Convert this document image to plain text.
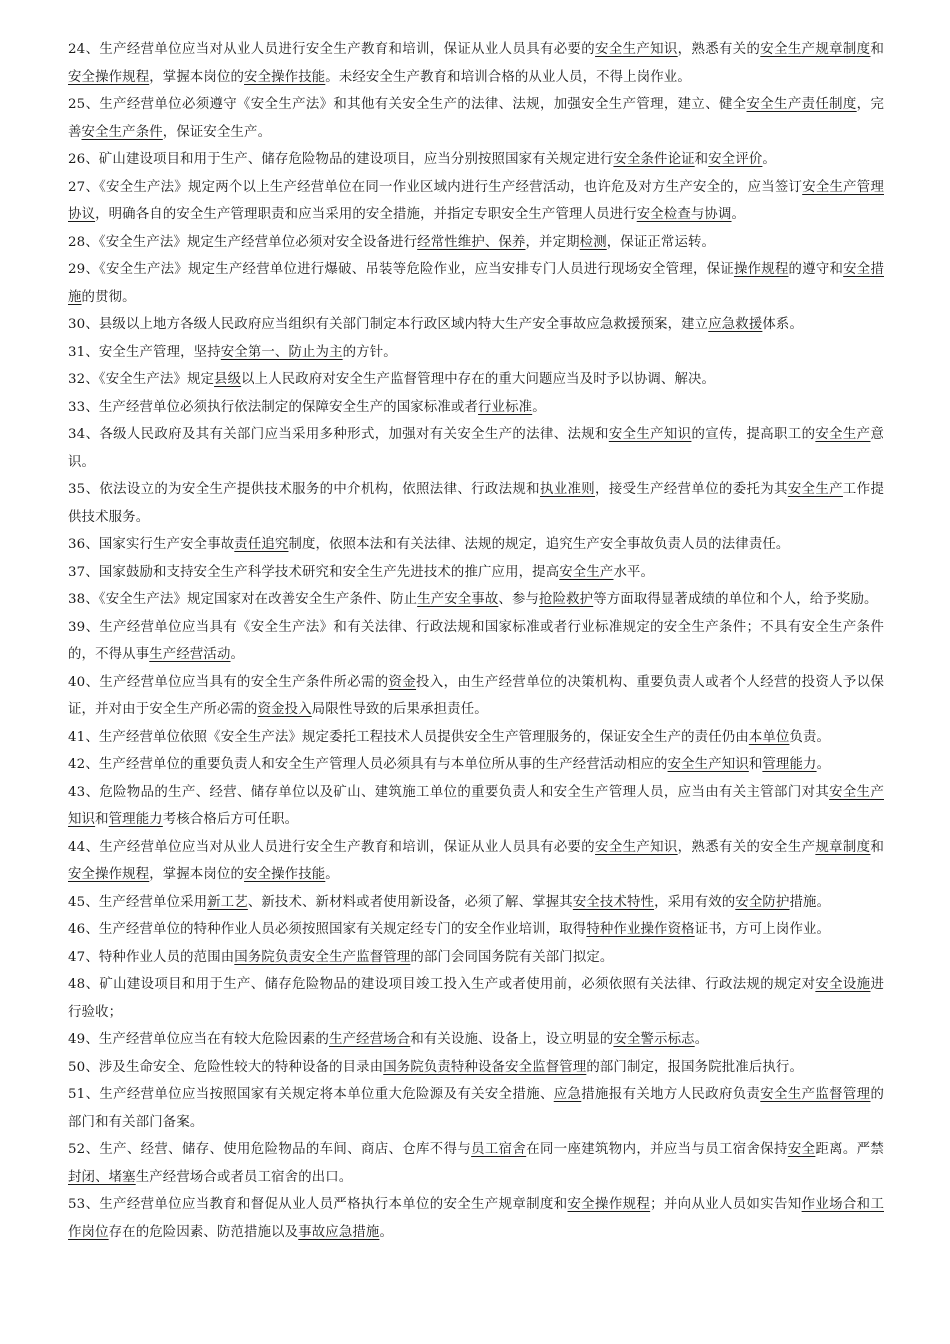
24、生产经营单位应当对从业人员进行安全生产教育和培训，保证从业人员具有必要的安全生产知识，熟悉有关的安全生产规章制度和安全操作规程，掌握本岗位的安全操作技能。未经安全生产教育和培训合格的从业人员，不得上岗作业。

25、生产经营单位必须遵守《安全生产法》和其他有关安全生产的法律、法规，加强安全生产管理，建立、健全安全生产责任制度，完善安全生产条件，保证安全生产。

26、矿山建设项目和用于生产、储存危险物品的建设项目，应当分别按照国家有关规定进行安全条件论证和安全评价。

27、《安全生产法》规定两个以上生产经营单位在同一作业区域内进行生产经营活动，也许危及对方生产安全的，应当签订安全生产管理协议，明确各自的安全生产管理职责和应当采用的安全措施，并指定专职安全生产管理人员进行安全检查与协调。

28、《安全生产法》规定生产经营单位必须对安全设备进行经常性维护、保养，并定期检测，保证正常运转。

29、《安全生产法》规定生产经营单位进行爆破、吊装等危险作业，应当安排专门人员进行现场安全管理，保证操作规程的遵守和安全措施的贯彻。

30、县级以上地方各级人民政府应当组织有关部门制定本行政区域内特大生产安全事故应急救援预案，建立应急救援体系。

31、安全生产管理，坚持安全第一、防止为主的方针。

32、《安全生产法》规定县级以上人民政府对安全生产监督管理中存在的重大问题应当及时予以协调、解决。

33、生产经营单位必须执行依法制定的保障安全生产的国家标准或者行业标准。

34、各级人民政府及其有关部门应当采用多种形式，加强对有关安全生产的法律、法规和安全生产知识的宣传，提高职工的安全生产意识。

35、依法设立的为安全生产提供技术服务的中介机构，依照法律、行政法规和执业准则，接受生产经营单位的委托为其安全生产工作提供技术服务。

36、国家实行生产安全事故责任追究制度，依照本法和有关法律、法规的规定，追究生产安全事故负责人员的法律责任。

37、国家鼓励和支持安全生产科学技术研究和安全生产先进技术的推广应用，提高安全生产水平。

38、《安全生产法》规定国家对在改善安全生产条件、防止生产安全事故、参与抢险救护等方面取得显著成绩的单位和个人，给予奖励。

39、生产经营单位应当具有《安全生产法》和有关法律、行政法规和国家标准或者行业标准规定的安全生产条件；不具有安全生产条件的，不得从事生产经营活动。

40、生产经营单位应当具有的安全生产条件所必需的资金投入，由生产经营单位的决策机构、重要负责人或者个人经营的投资人予以保证，并对由于安全生产所必需的资金投入局限性导致的后果承担责任。

41、生产经营单位依照《安全生产法》规定委托工程技术人员提供安全生产管理服务的，保证安全生产的责任仍由本单位负责。

42、生产经营单位的重要负责人和安全生产管理人员必须具有与本单位所从事的生产经营活动相应的安全生产知识和管理能力。

43、危险物品的生产、经营、储存单位以及矿山、建筑施工单位的重要负责人和安全生产管理人员，应当由有关主管部门对其安全生产知识和管理能力考核合格后方可任职。

44、生产经营单位应当对从业人员进行安全生产教育和培训，保证从业人员具有必要的安全生产知识，熟悉有关的安全生产规章制度和安全操作规程，掌握本岗位的安全操作技能。

45、生产经营单位采用新工艺、新技术、新材料或者使用新设备，必须了解、掌握其安全技术特性，采用有效的安全防护措施。

46、生产经营单位的特种作业人员必须按照国家有关规定经专门的安全作业培训，取得特种作业操作资格证书，方可上岗作业。

47、特种作业人员的范围由国务院负责安全生产监督管理的部门会同国务院有关部门拟定。

48、矿山建设项目和用于生产、储存危险物品的建设项目竣工投入生产或者使用前，必须依照有关法律、行政法规的规定对安全设施进行验收；

49、生产经营单位应当在有较大危险因素的生产经营场合和有关设施、设备上，设立明显的安全警示标志。

50、涉及生命安全、危险性较大的特种设备的目录由国务院负责特种设备安全监督管理的部门制定，报国务院批准后执行。

51、生产经营单位应当按照国家有关规定将本单位重大危险源及有关安全措施、应急措施报有关地方人民政府负责安全生产监督管理的部门和有关部门备案。

52、生产、经营、储存、使用危险物品的车间、商店、仓库不得与员工宿舍在同一座建筑物内，并应当与员工宿舍保持安全距离。严禁封闭、堵塞生产经营场合或者员工宿舍的出口。

53、生产经营单位应当教育和督促从业人员严格执行本单位的安全生产规章制度和安全操作规程；并向从业人员如实告知作业场合和工作岗位存在的危险因素、防范措施以及事故应急措施。
